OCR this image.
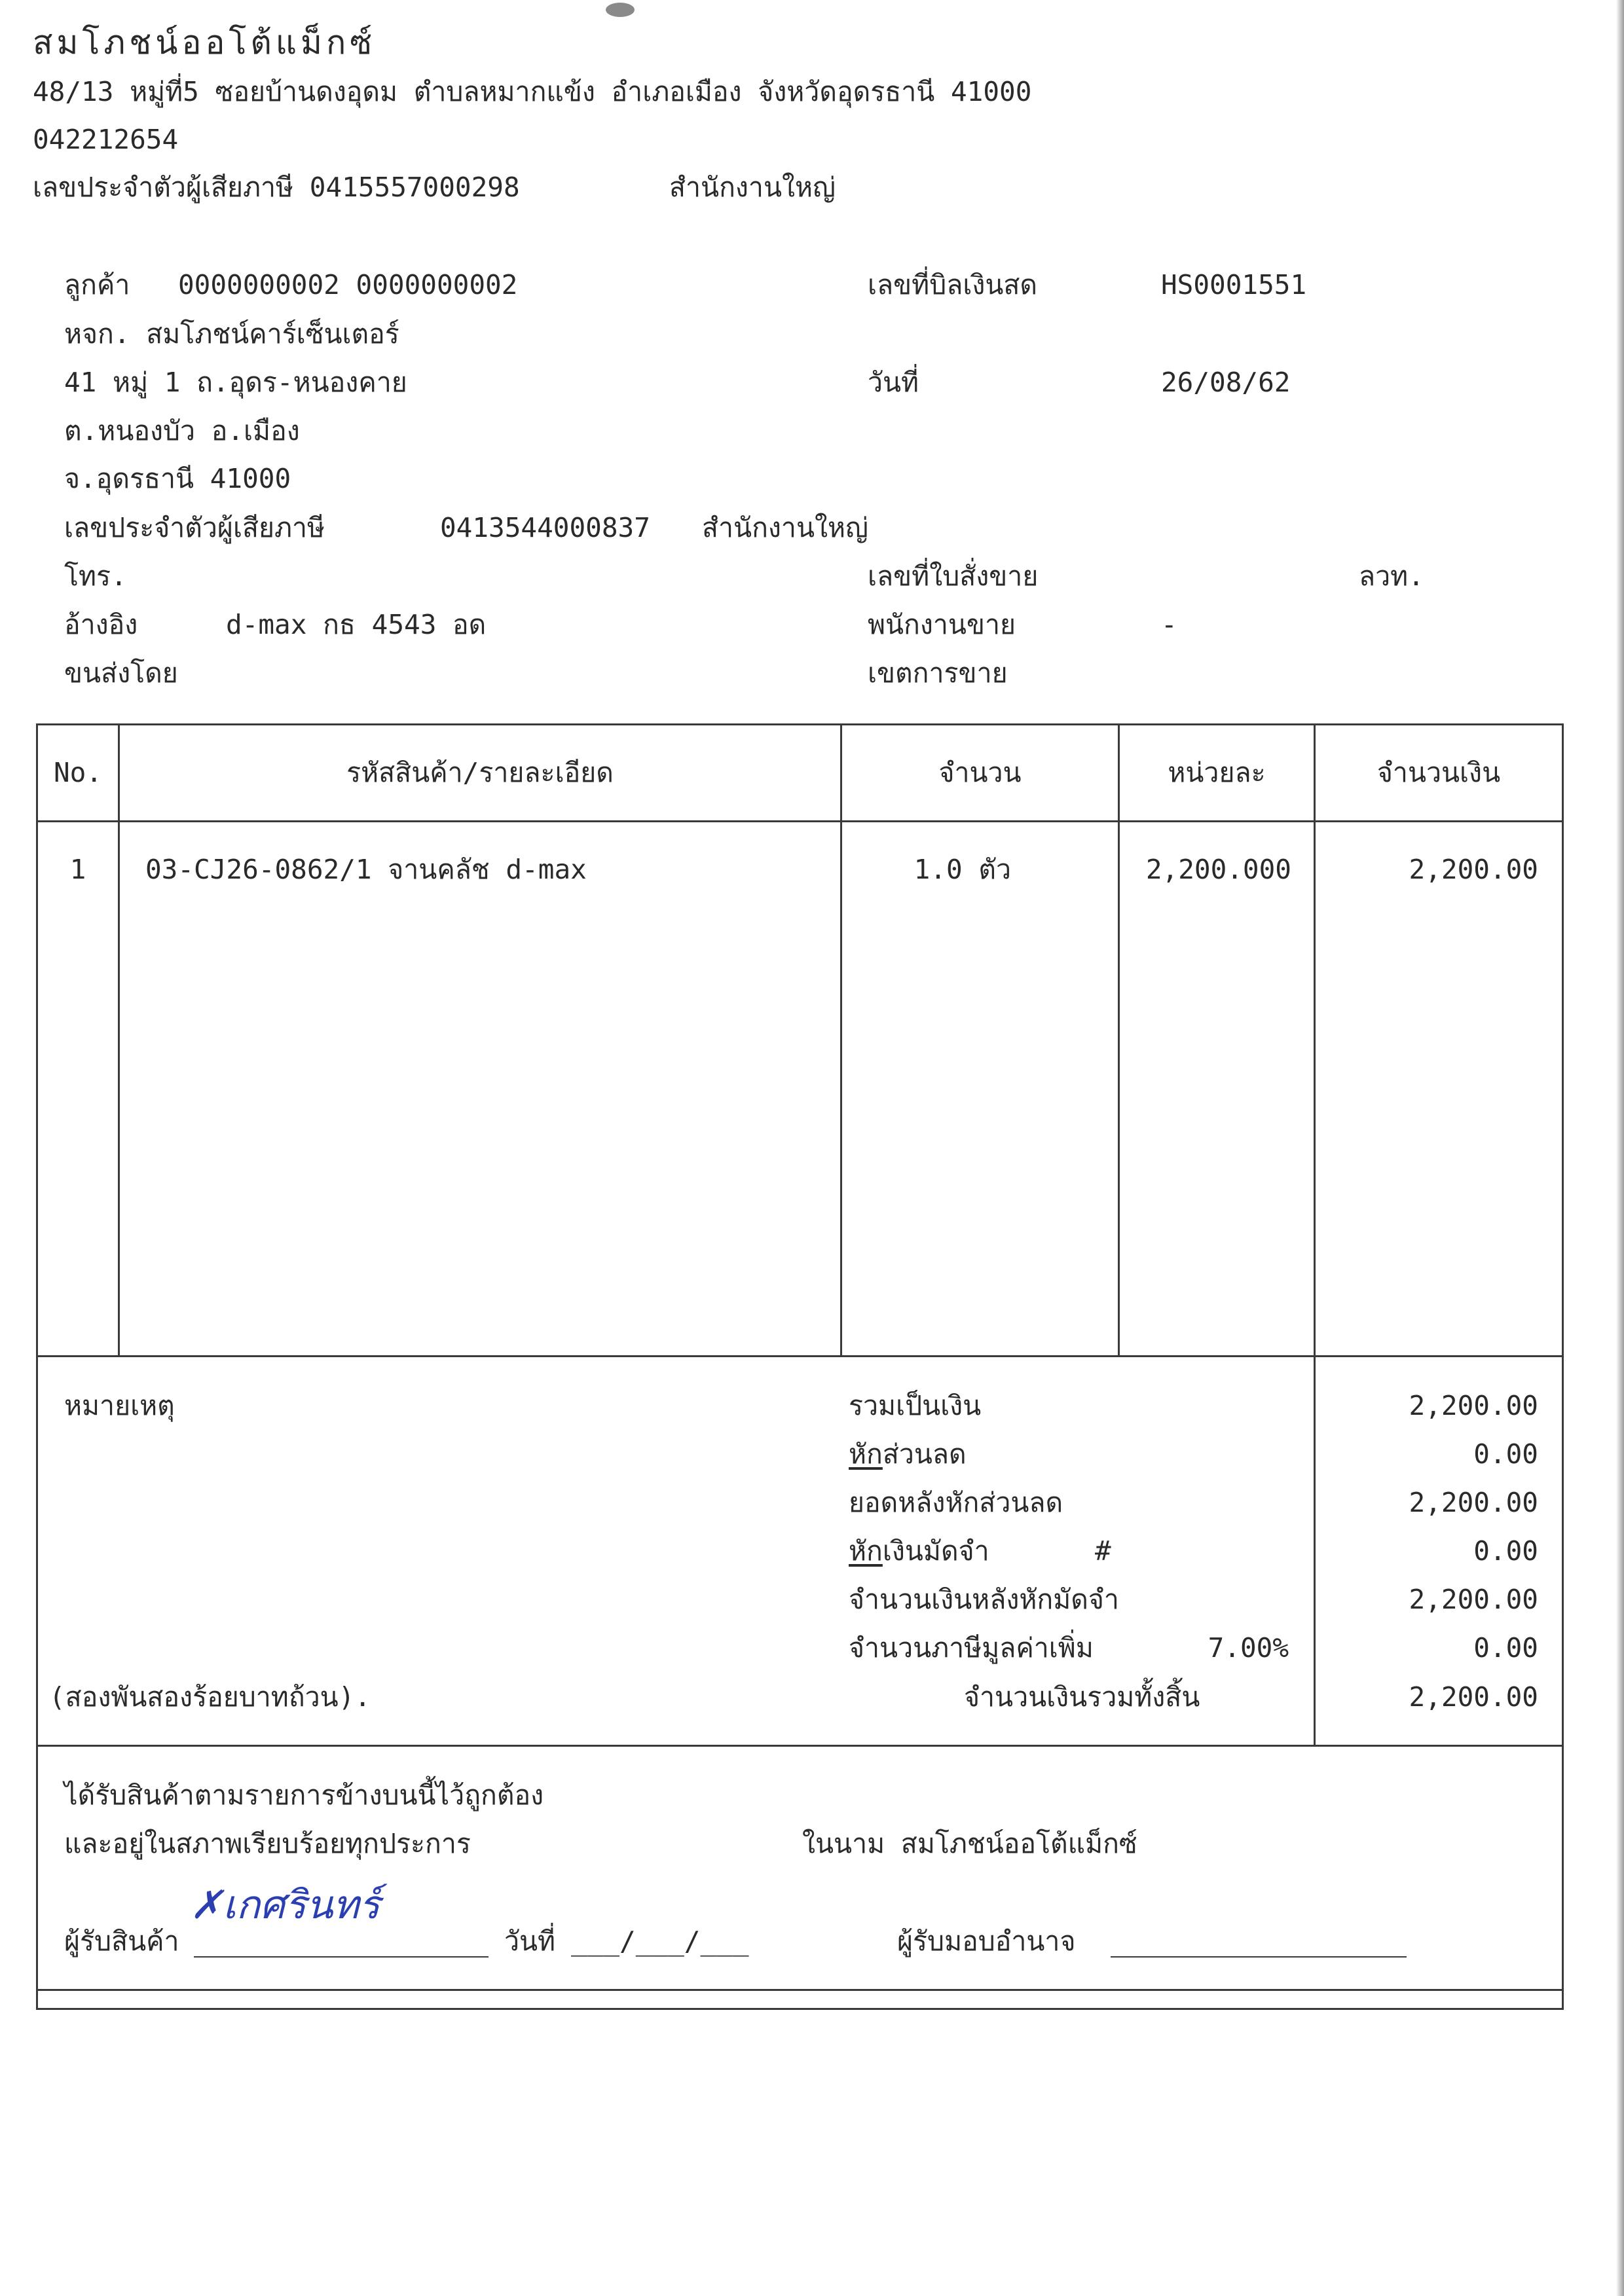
สมโภชน์ออโต้แม็กซ์
48/13 หมู่ที่5 ซอยบ้านดงอุดม ตำบลหมากแข้ง อำเภอเมือง จังหวัดอุดรธานี 41000
042212654
เลขประจำตัวผู้เสียภาษี 0415557000298	สำนักงานใหญ่
ลูกค้า 0000000002 0000000002
หจก. สมโภชน์คาร์เซ็นเตอร์
41 หมู่ 1 ถ.อุดร-หนองคาย
ต.หนองบัว อ.เมือง
จ.อุดรธานี 41000
เลขประจำตัวผู้เสียภาษี	0413544000837 สำนักงานใหญ่
โทร.
อ้างอิง	d-max กธ 4543 อด
ขนส่งโดย
เลขที่บิลเงินสด	HS0001551
วันที่	26/08/62
เลขที่ใบสั่งขาย	ลวท.
พนักงานขาย	-
เขตการขาย
No.	รหัสสินค้า/รายละเอียด	จำนวน	หน่วยละ	จำนวนเงิน
1	03-CJ26-0862/1 จานคลัช d-max	1.0 ตัว	2,200.000	2,200.00
หมายเหตุ	รวมเป็นเงิน	2,200.00
หักส่วนลด	0.00
ยอดหลังหักส่วนลด	2,200.00
หักเงินมัดจำ	#	0.00
จำนวนเงินหลังหักมัดจำ	2,200.00
จำนวนภาษีมูลค่าเพิ่ม	7.00%	0.00
(สองพันสองร้อยบาทถ้วน).	จำนวนเงินรวมทั้งสิ้น	2,200.00
ได้รับสินค้าตามรายการข้างบนนี้ไว้ถูกต้อง
และอยู่ในสภาพเรียบร้อยทุกประการ	ในนาม สมโภชน์ออโต้แม็กซ์
ผู้รับสินค้า
✗เกศรินทร์
วันที่ ___/___/___	ผู้รับมอบอำนาจ
